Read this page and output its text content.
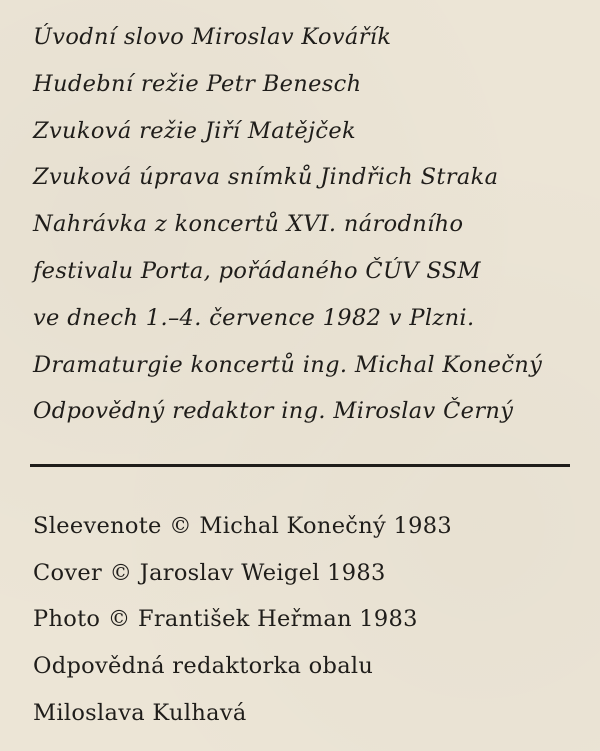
Úvodní slovo Miroslav Kovářík
Hudební režie Petr Benesch
Zvuková režie Jiří Matějček
Zvuková úprava snímků Jindřich Straka
Nahrávka z koncertů XVI. národního
festivalu Porta, pořádaného ČÚV SSM
ve dnech 1.–4. července 1982 v Plzni.
Dramaturgie koncertů ing. Michal Konečný
Odpovědný redaktor ing. Miroslav Černý
Sleevenote © Michal Konečný 1983
Cover © Jaroslav Weigel 1983
Photo © František Heřman 1983
Odpovědná redaktorka obalu
Miloslava Kulhavá
